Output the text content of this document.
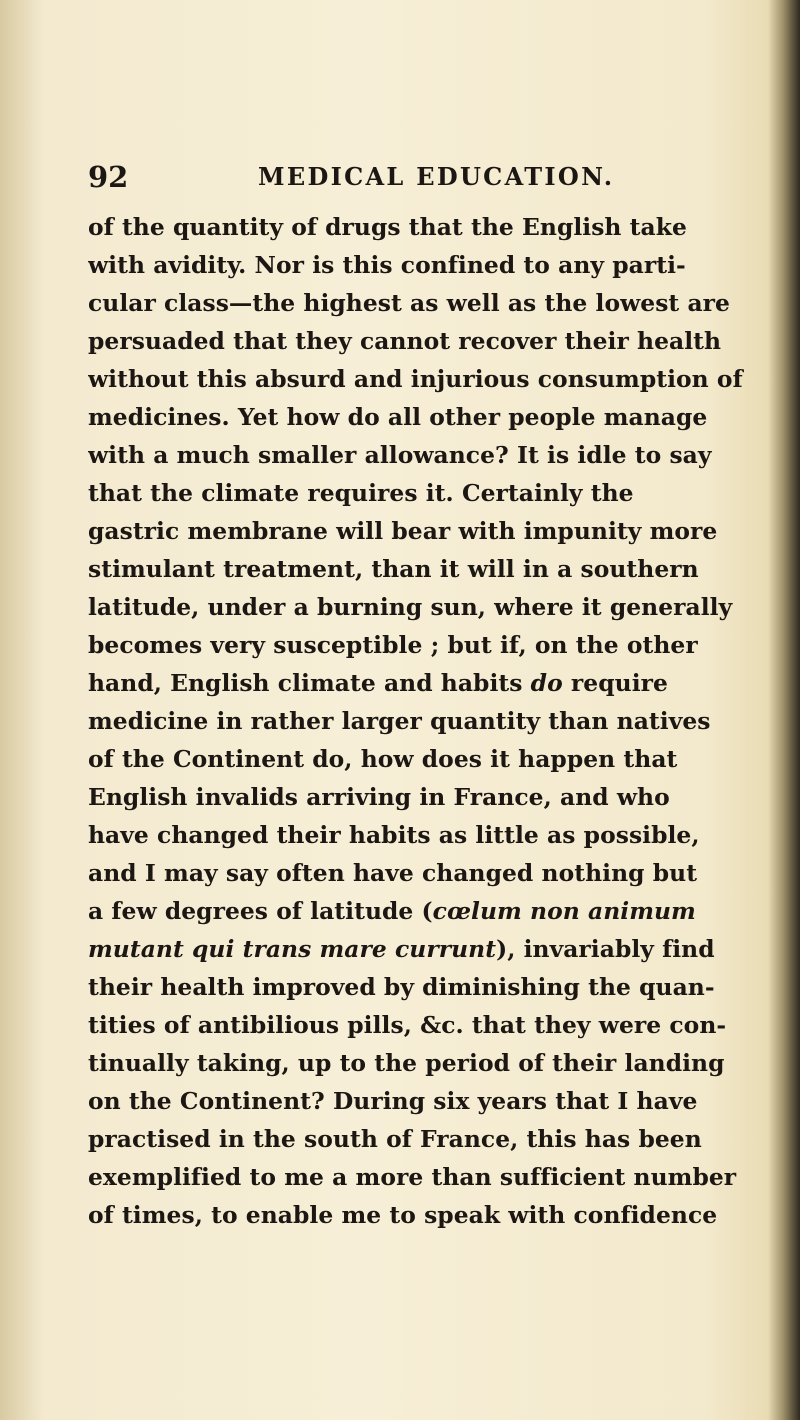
92	MEDICAL EDUCATION.
of the quantity of drugs that the English take
with avidity. Nor is this confined to any parti-
cular class—the highest as well as the lowest are
persuaded that they cannot recover their health
without this absurd and injurious consumption of
medicines. Yet how do all other people manage
with a much smaller allowance? It is idle to say
that the climate requires it. Certainly the
gastric membrane will bear with impunity more
stimulant treatment, than it will in a southern
latitude, under a burning sun, where it generally
becomes very susceptible ; but if, on the other
hand, English climate and habits do require
medicine in rather larger quantity than natives
of the Continent do, how does it happen that
English invalids arriving in France, and who
have changed their habits as little as possible,
and I may say often have changed nothing but
a few degrees of latitude (cœlum non animum
mutant qui trans mare currunt), invariably find
their health improved by diminishing the quan-
tities of antibilious pills, &c. that they were con-
tinually taking, up to the period of their landing
on the Continent? During six years that I have
practised in the south of France, this has been
exemplified to me a more than sufficient number
of times, to enable me to speak with confidence
